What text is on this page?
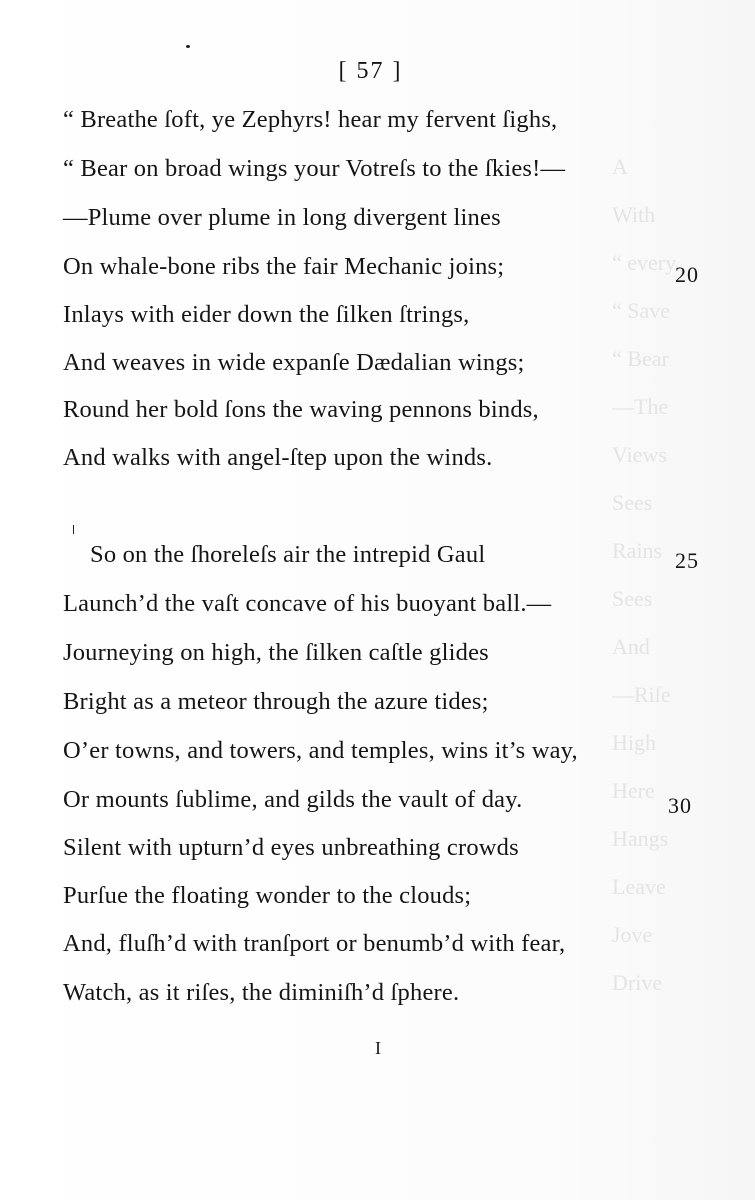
A
With
“ every
“ Save
“ Bear
—The
Views
Sees
Rains
Sees
And
—Riſe
High
Here
Hangs
Leave
Jove
Drive
[ 57 ]
“ Breathe ſoft, ye Zephyrs! hear my fervent ſighs,
“ Bear on broad wings your Votreſs to the ſkies!—
—Plume over plume in long divergent lines
On whale-bone ribs the fair Mechanic joins;	20
Inlays with eider down the ſilken ſtrings,
And weaves in wide expanſe Dædalian wings;
Round her bold ſons the waving pennons binds,
And walks with angel-ſtep upon the winds.
So on the ſhoreleſs air the intrepid Gaul	25
Launch’d the vaſt concave of his buoyant ball.—
Journeying on high, the ſilken caſtle glides
Bright as a meteor through the azure tides;
O’er towns, and towers, and temples, wins it’s way,
Or mounts ſublime, and gilds the vault of day.	30
Silent with upturn’d eyes unbreathing crowds
Purſue the floating wonder to the clouds;
And, fluſh’d with tranſport or benumb’d with fear,
Watch, as it riſes, the diminiſh’d ſphere.
I
